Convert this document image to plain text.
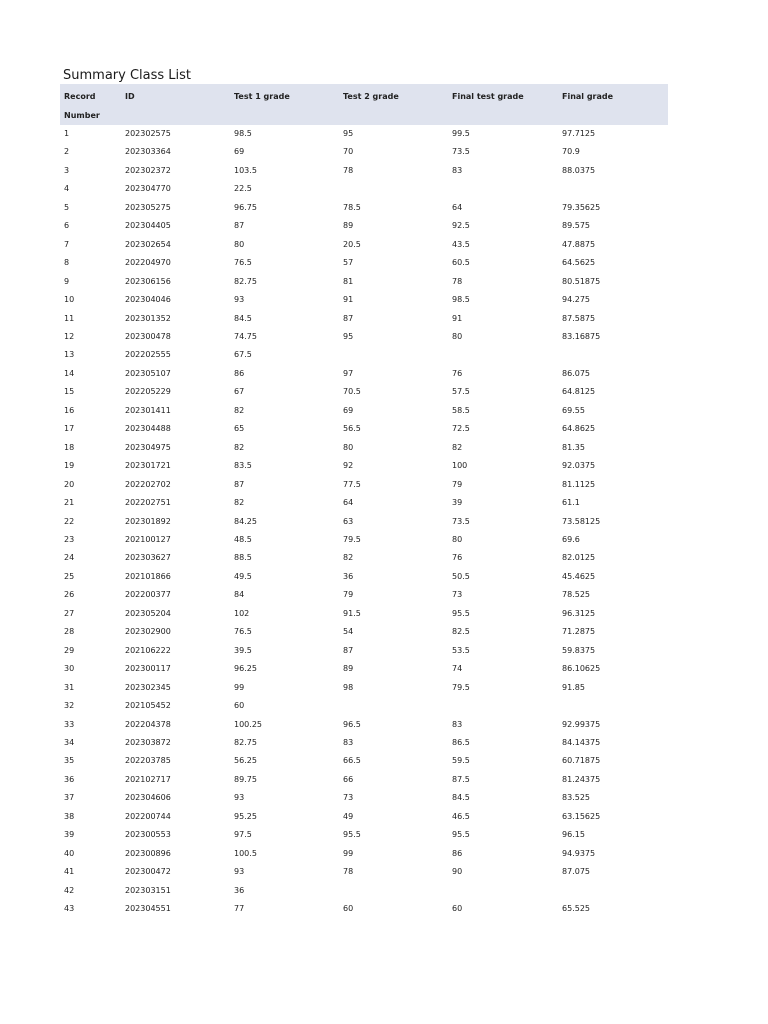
Summary Class List
Record
Number	ID	Test 1 grade	Test 2 grade	Final test grade	Final grade
1	202302575	98.5	95	99.5	97.7125
2	202303364	69	70	73.5	70.9
3	202302372	103.5	78	83	88.0375
4	202304770	22.5			
5	202305275	96.75	78.5	64	79.35625
6	202304405	87	89	92.5	89.575
7	202302654	80	20.5	43.5	47.8875
8	202204970	76.5	57	60.5	64.5625
9	202306156	82.75	81	78	80.51875
10	202304046	93	91	98.5	94.275
11	202301352	84.5	87	91	87.5875
12	202300478	74.75	95	80	83.16875
13	202202555	67.5			
14	202305107	86	97	76	86.075
15	202205229	67	70.5	57.5	64.8125
16	202301411	82	69	58.5	69.55
17	202304488	65	56.5	72.5	64.8625
18	202304975	82	80	82	81.35
19	202301721	83.5	92	100	92.0375
20	202202702	87	77.5	79	81.1125
21	202202751	82	64	39	61.1
22	202301892	84.25	63	73.5	73.58125
23	202100127	48.5	79.5	80	69.6
24	202303627	88.5	82	76	82.0125
25	202101866	49.5	36	50.5	45.4625
26	202200377	84	79	73	78.525
27	202305204	102	91.5	95.5	96.3125
28	202302900	76.5	54	82.5	71.2875
29	202106222	39.5	87	53.5	59.8375
30	202300117	96.25	89	74	86.10625
31	202302345	99	98	79.5	91.85
32	202105452	60			
33	202204378	100.25	96.5	83	92.99375
34	202303872	82.75	83	86.5	84.14375
35	202203785	56.25	66.5	59.5	60.71875
36	202102717	89.75	66	87.5	81.24375
37	202304606	93	73	84.5	83.525
38	202200744	95.25	49	46.5	63.15625
39	202300553	97.5	95.5	95.5	96.15
40	202300896	100.5	99	86	94.9375
41	202300472	93	78	90	87.075
42	202303151	36			
43	202304551	77	60	60	65.525
